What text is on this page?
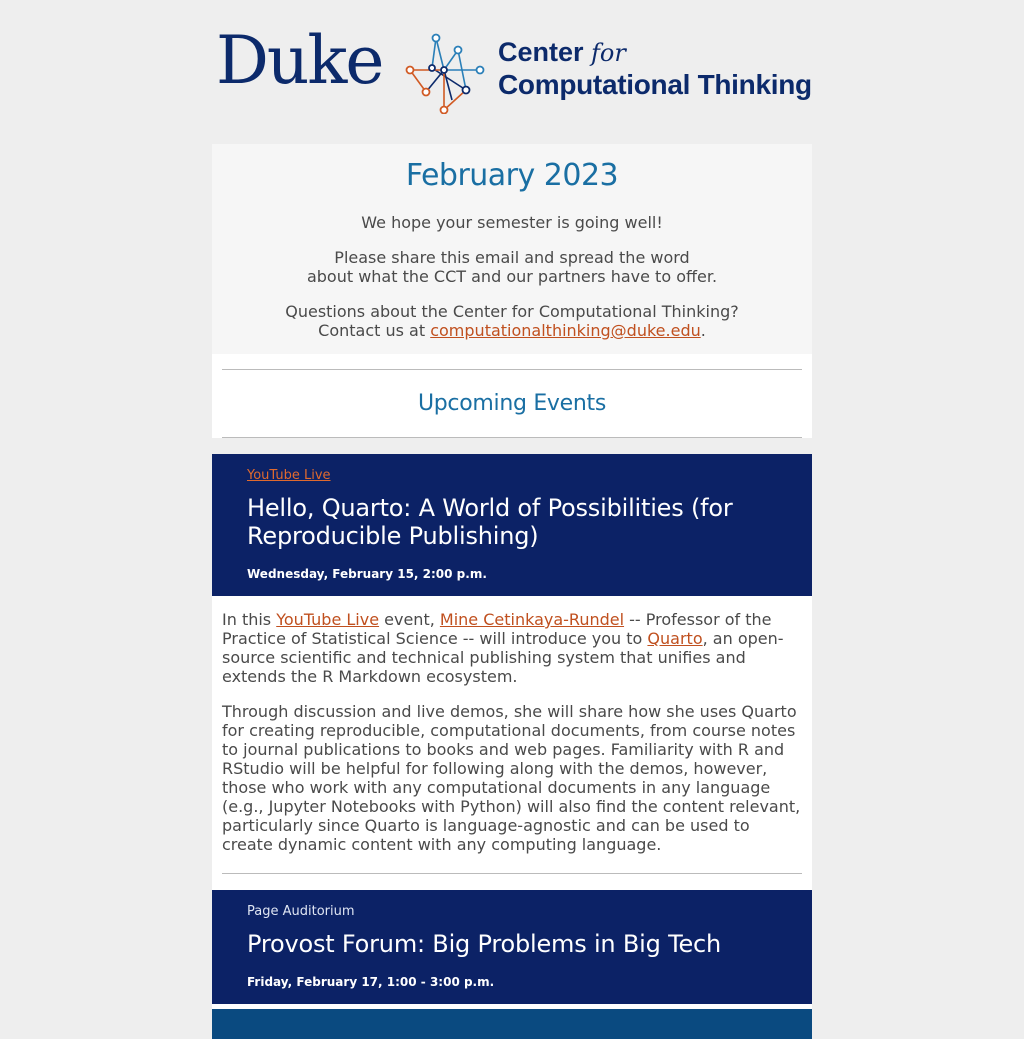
Duke	Center for
Computational Thinking
February 2023

We hope your semester is going well!

Please share this email and spread the word
about what the CCT and our partners have to offer.

Questions about the Center for Computational Thinking?
Contact us at computationalthinking@duke.edu.

Upcoming Events
YouTube Live
Hello, Quarto: A World of Possibilities (for Reproducible Publishing)
Wednesday, February 15, 2:00 p.m.

In this YouTube Live event, Mine Cetinkaya-Rundel -- Professor of the Practice of Statistical Science -- will introduce you to Quarto, an open-source scientific and technical publishing system that unifies and extends the R Markdown ecosystem.

Through discussion and live demos, she will share how she uses Quarto for creating reproducible, computational documents, from course notes to journal publications to books and web pages. Familiarity with R and RStudio will be helpful for following along with the demos, however, those who work with any computational documents in any language (e.g., Jupyter Notebooks with Python) will also find the content relevant, particularly since Quarto is language-agnostic and can be used to create dynamic content with any computing language.

Page Auditorium
Provost Forum: Big Problems in Big Tech
Friday, February 17, 1:00 - 3:00 p.m.
